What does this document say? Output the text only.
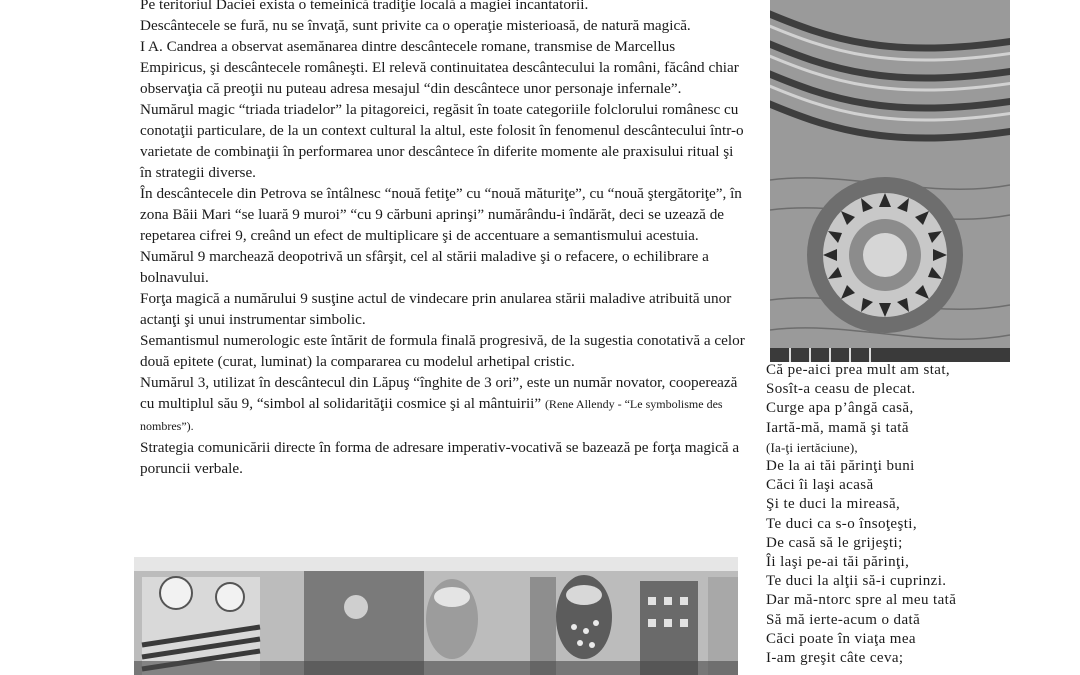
Pe teritoriul Daciei exista o temeinică tradiţie locală a magiei incantatorii.

Descântecele se fură, nu se învaţă, sunt privite ca o operaţie misterioasă, de natură magică.

I A. Candrea a observat asemănarea dintre descântecele romane, transmise de Marcellus Empiricus, şi descântecele româneşti. El relevă continuitatea descântecului la români, făcând chiar observaţia că preoţii nu puteau adresa mesajul “din descântece unor personaje infernale”.

Numărul magic “triada triadelor” la pitagoreici, regăsit în toate categoriile folclorului românesc cu conotaţii particulare, de la un context cultural la altul, este folosit în fenomenul descântecului într-o varietate de combinaţii în performarea unor descântece în diferite momente ale praxisului ritual şi în strategii diverse.

În descântecele din Petrova se întâlnesc “nouă fetiţe” cu “nouă măturiţe”, cu “nouă ştergătoriţe”, în zona Băii Mari “se luară 9 muroi” “cu 9 cărbuni aprinşi” numărându-i îndărăt, deci se uzează de repetarea cifrei 9, creând un efect de multiplicare şi de accentuare a semantismului acestuia. Numărul 9 marchează deopotrivă un sfârşit, cel al stării maladive şi o refacere, o echilibrare a bolnavului.

Forţa magică a numărului 9 susţine actul de vindecare prin anularea stării maladive atribuită unor actanţi şi unui instrumentar simbolic.

Semantismul numerologic este întărit de formula finală progresivă, de la sugestia conotativă a celor două epitete (curat, luminat) la compararea cu modelul arhetipal cristic.

Numărul 3, utilizat în descântecul din Lăpuş “înghite de 3 ori”, este un număr novator, cooperează cu multiplul său 9, “simbol al solidarităţii cosmice şi al mântuirii” (Rene Allendy - “Le symbolisme des nombres”).

Strategia comunicării directe în forma de adresare imperativ-vocativă se bazează pe forţa magică a poruncii verbale.

Că pe-aici prea mult am stat,
Sosît-a ceasu de plecat.
Curge apa p’ângă casă,
Iartă-mă, mamă şi tată
(Ia-ţi iertăciune),
De la ai tăi părinţi buni
Căci îi laşi acasă
Şi te duci la mireasă,
Te duci ca s-o însoţeşti,
De casă să le grijeşti;
Îi laşi pe-ai tăi părinţi,
Te duci la alţii să-i cuprinzi.
Dar mă-ntorc spre al meu tată
Să mă ierte-acum o dată
Căci poate în viaţa mea
I-am greşit câte ceva;
